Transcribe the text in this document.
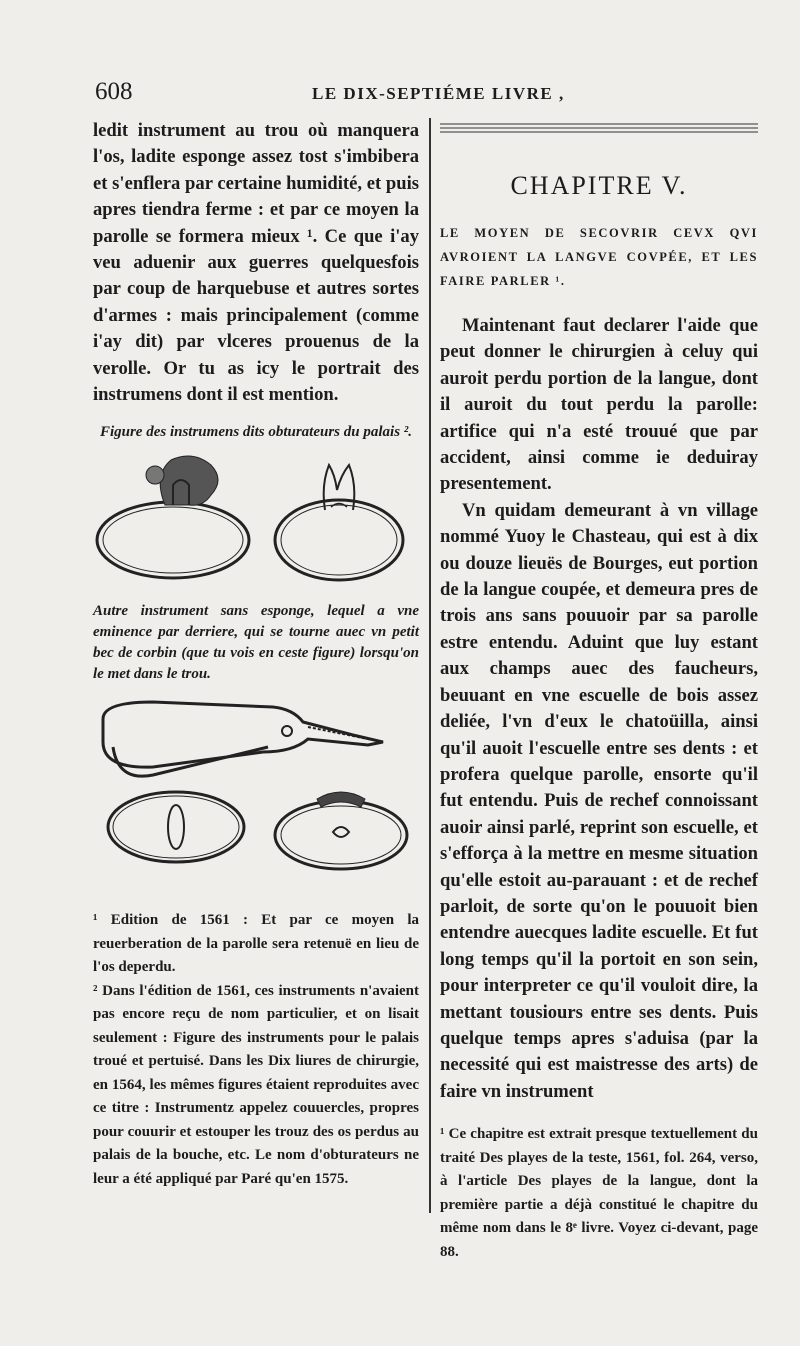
608	LE DIX-SEPTIÉME LIVRE ,

ledit instrument au trou où manquera l'os, ladite esponge assez tost s'imbibera et s'enflera par certaine humidité, et puis apres tiendra ferme : et par ce moyen la parolle se formera mieux ¹. Ce que i'ay veu aduenir aux guerres quelquesfois par coup de harquebuse et autres sortes d'armes : mais principalement (comme i'ay dit) par vlceres prouenus de la verolle. Or tu as icy le portrait des instrumens dont il est mention.

Figure des instrumens dits obturateurs du palais ².

Autre instrument sans esponge, lequel a vne eminence par derriere, qui se tourne auec vn petit bec de corbin (que tu vois en ceste figure) lorsqu'on le met dans le trou.

¹ Edition de 1561 : Et par ce moyen la reuerberation de la parolle sera retenuë en lieu de l'os deperdu.

² Dans l'édition de 1561, ces instruments n'avaient pas encore reçu de nom particulier, et on lisait seulement : Figure des instruments pour le palais troué et pertuisé. Dans les Dix liures de chirurgie, en 1564, les mêmes figures étaient reproduites avec ce titre : Instrumentz appelez couuercles, propres pour couurir et estouper les trouz des os perdus au palais de la bouche, etc. Le nom d'obturateurs ne leur a été appliqué par Paré qu'en 1575.

CHAPITRE V.

LE MOYEN DE SECOVRIR CEVX QVI AVROIENT LA LANGVE COVPÉE, ET LES FAIRE PARLER ¹.

Maintenant faut declarer l'aide que peut donner le chirurgien à celuy qui auroit perdu portion de la langue, dont il auroit du tout perdu la parolle: artifice qui n'a esté trouué que par accident, ainsi comme ie deduiray presentement.

Vn quidam demeurant à vn village nommé Yuoy le Chasteau, qui est à dix ou douze lieuës de Bourges, eut portion de la langue coupée, et demeura pres de trois ans sans pouuoir par sa parolle estre entendu. Aduint que luy estant aux champs auec des faucheurs, beuuant en vne escuelle de bois assez deliée, l'vn d'eux le chatoüilla, ainsi qu'il auoit l'escuelle entre ses dents : et profera quelque parolle, ensorte qu'il fut entendu. Puis de rechef connoissant auoir ainsi parlé, reprint son escuelle, et s'efforça à la mettre en mesme situation qu'elle estoit au-parauant : et de rechef parloit, de sorte qu'on le pouuoit bien entendre auecques ladite escuelle. Et fut long temps qu'il la portoit en son sein, pour interpreter ce qu'il vouloit dire, la mettant tousiours entre ses dents. Puis quelque temps apres s'aduisa (par la necessité qui est maistresse des arts) de faire vn instrument

¹ Ce chapitre est extrait presque textuellement du traité Des playes de la teste, 1561, fol. 264, verso, à l'article Des playes de la langue, dont la première partie a déjà constitué le chapitre du même nom dans le 8ᵉ livre. Voyez ci-devant, page 88.
